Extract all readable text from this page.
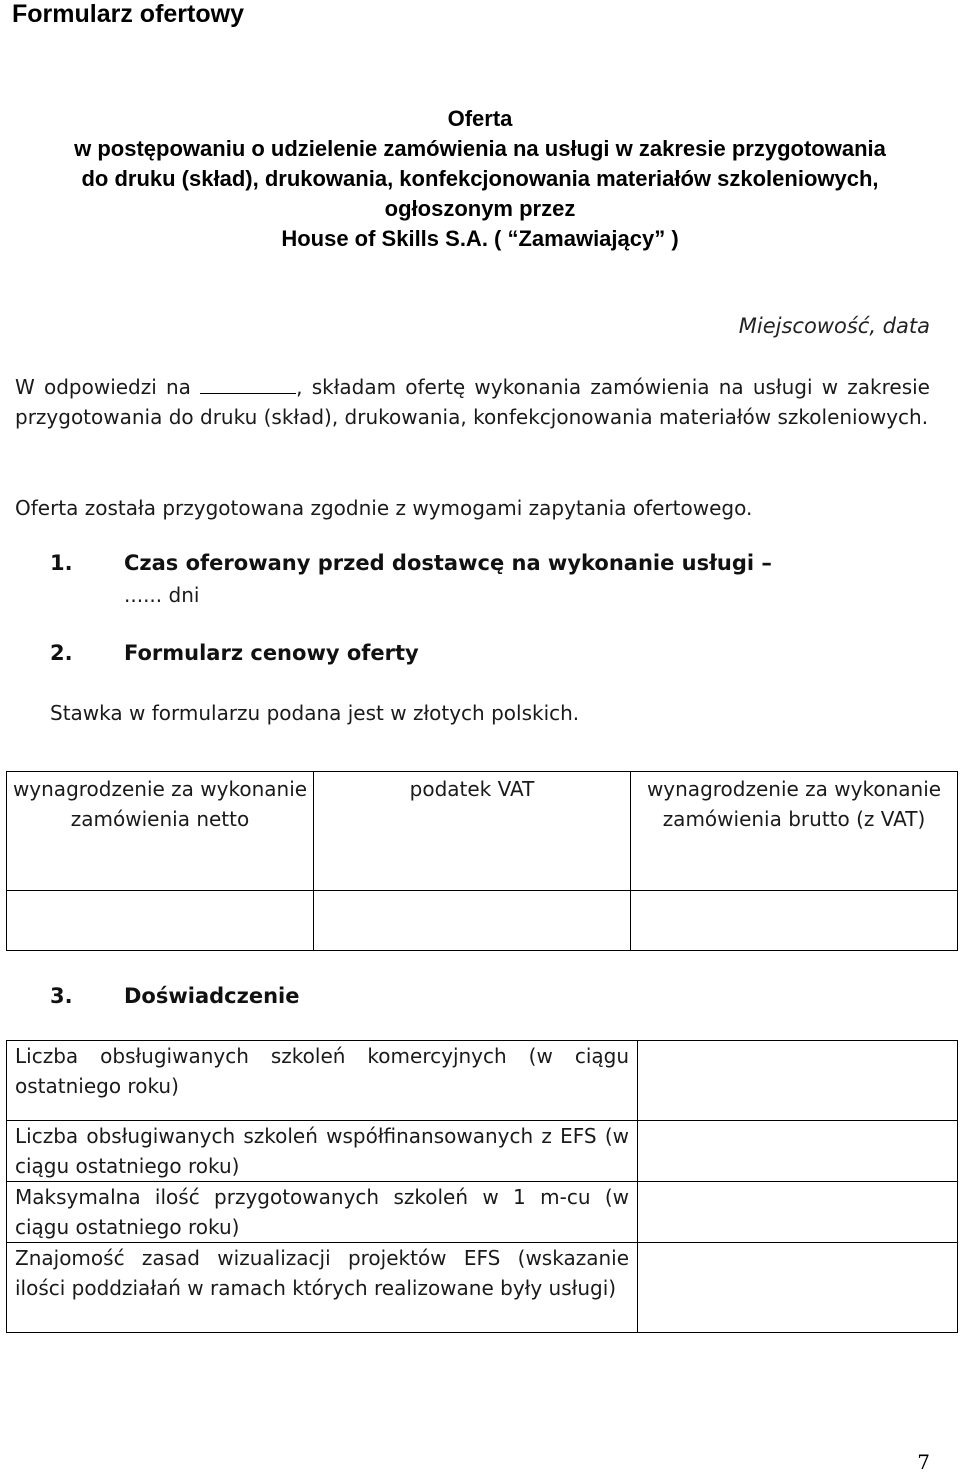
Formularz ofertowy
Oferta
w postępowaniu o udzielenie zamówienia na usługi w zakresie przygotowania
do druku (skład), drukowania, konfekcjonowania materiałów szkoleniowych,
ogłoszonym przez
House of Skills S.A. ( “Zamawiający” )
Miejscowość, data
W odpowiedzi na	, składam ofertę wykonania zamówienia na usługi w zakresie przygotowania do druku (skład), drukowania, konfekcjonowania materiałów szkoleniowych.
Oferta została przygotowana zgodnie z wymogami zapytania ofertowego.
1. Czas oferowany przed dostawcę na wykonanie usługi –
...... dni
2. Formularz cenowy oferty
Stawka w formularzu podana jest w złotych polskich.
wynagrodzenie za wykonanie zamówienia netto	podatek VAT	wynagrodzenie za wykonanie zamówienia brutto (z VAT)

3. Doświadczenie
Liczba obsługiwanych szkoleń komercyjnych (w ciągu ostatniego roku)	
Liczba obsługiwanych szkoleń współfinansowanych z EFS (w ciągu ostatniego roku)	
Maksymalna ilość przygotowanych szkoleń w 1 m-cu (w ciągu ostatniego roku)	
Znajomość zasad wizualizacji projektów EFS (wskazanie ilości poddziałań w ramach których realizowane były usługi)	
7
